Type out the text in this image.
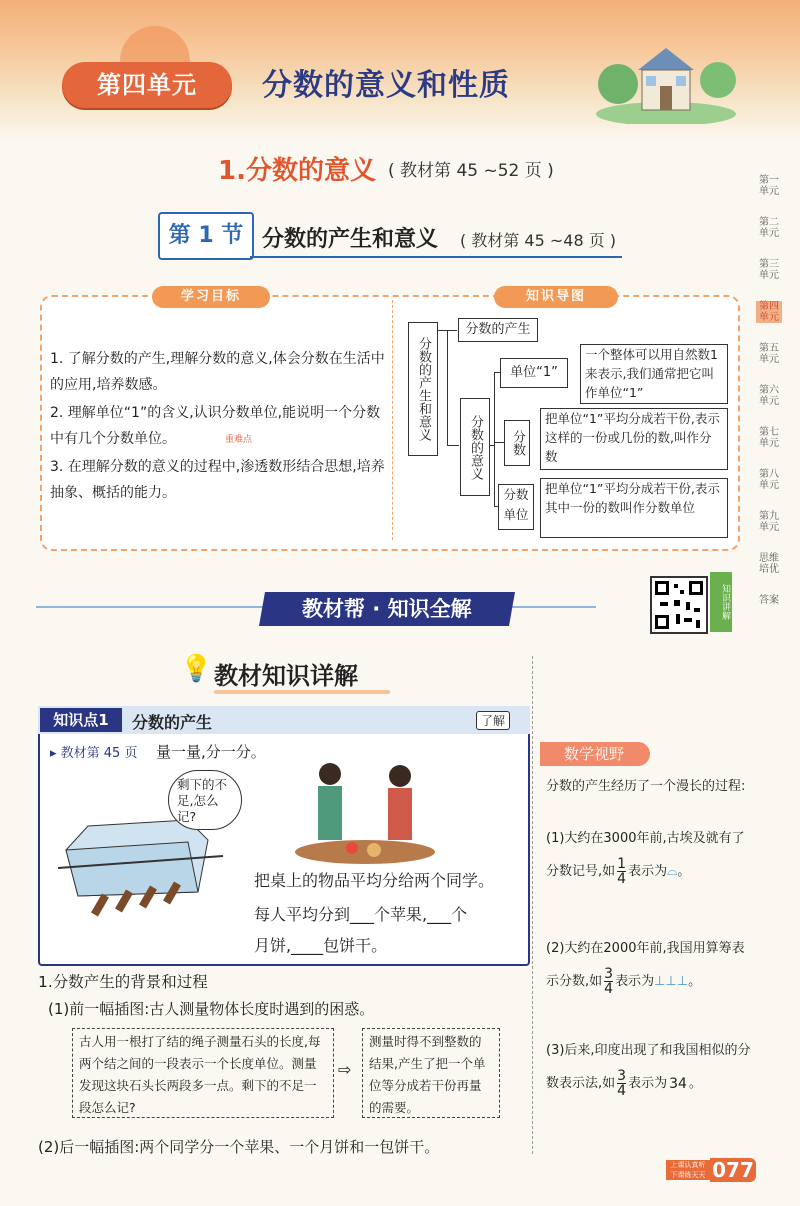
第四单元	分数的意义和性质
1.分数的意义 ( 教材第 45 ~52 页 )
第 1 节 分数的产生和意义 ( 教材第 45 ~48 页 )
学习目标	知识导图
1. 了解分数的产生,理解分数的意义,体会分数在生活中的应用,培养数感。
2. 理解单位“1”的含义,认识分数单位,能说明一个分数中有几个分数单位。
3. 在理解分数的意义的过程中,渗透数形结合思想,培养抽象、概括的能力。
重难点	分数的产生和意义
分数的产生
分数的意义
单位“1”
一个整体可以用自然数1来表示,我们通常把它叫作单位“1”
分数
把单位“1”平均分成若干份,表示这样的一份或几份的数,叫作分数
分数单位
把单位“1”平均分成若干份,表示其中一份的数叫作分数单位
第一单元
第二单元
第三单元
第四单元
第五单元
第六单元
第七单元
第八单元
第九单元
思维培优
答案
教材帮 · 知识全解	知识讲解
💡 教材知识详解
知识点1	分数的产生	了解
▸ 教材第 45 页 量一量,分一分。
剩下的不足,怎么记?
把桌上的物品平均分给两个同学。
每人平均分到___个苹果,___个
月饼,____包饼干。
1.分数产生的背景和过程
(1)前一幅插图:古人测量物体长度时遇到的困惑。
古人用一根打了结的绳子测量石头的长度,每两个结之间的一段表示一个长度单位。测量发现这块石头长两段多一点。剩下的不足一段怎么记?
⇨
测量时得不到整数的结果,产生了把一个单位等分成若干份再量的需要。
(2)后一幅插图:两个同学分一个苹果、一个月饼和一包饼干。
数学视野
分数的产生经历了一个漫长的过程:
(1)大约在3000年前,古埃及就有了分数记号,如 $\frac{1}{4}$ 表示为⌓。
(2)大约在2000年前,我国用算筹表示分数,如 $\frac{3}{4}$ 表示为⊥⊥⊥。
(3)后来,印度出现了和我国相似的分数表示法,如 $\frac{3}{4}$ 表示为 34 。
上课认真听 下课练天天 077
